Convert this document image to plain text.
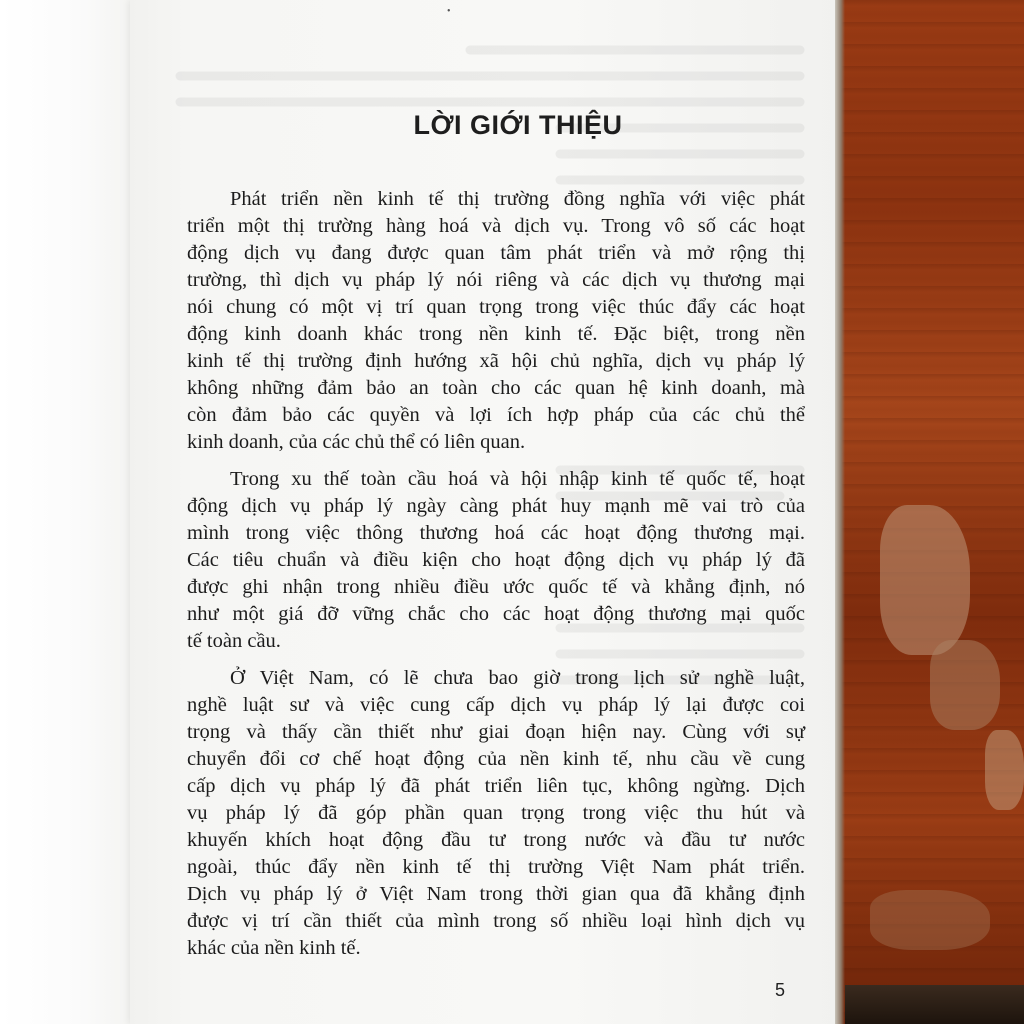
•
LỜI GIỚI THIỆU

Phát triển nền kinh tế thị trường đồng nghĩa với việc phát
triển một thị trường hàng hoá và dịch vụ. Trong vô số các hoạt
động dịch vụ đang được quan tâm phát triển và mở rộng thị
trường, thì dịch vụ pháp lý nói riêng và các dịch vụ thương mại
nói chung có một vị trí quan trọng trong việc thúc đẩy các hoạt
động kinh doanh khác trong nền kinh tế. Đặc biệt, trong nền
kinh tế thị trường định hướng xã hội chủ nghĩa, dịch vụ pháp lý
không những đảm bảo an toàn cho các quan hệ kinh doanh, mà
còn đảm bảo các quyền và lợi ích hợp pháp của các chủ thể
kinh doanh, của các chủ thể có liên quan.

Trong xu thế toàn cầu hoá và hội nhập kinh tế quốc tế, hoạt
động dịch vụ pháp lý ngày càng phát huy mạnh mẽ vai trò của
mình trong việc thông thương hoá các hoạt động thương mại.
Các tiêu chuẩn và điều kiện cho hoạt động dịch vụ pháp lý đã
được ghi nhận trong nhiều điều ước quốc tế và khẳng định, nó
như một giá đỡ vững chắc cho các hoạt động thương mại quốc
tế toàn cầu.

Ở Việt Nam, có lẽ chưa bao giờ trong lịch sử nghề luật,
nghề luật sư và việc cung cấp dịch vụ pháp lý lại được coi
trọng và thấy cần thiết như giai đoạn hiện nay. Cùng với sự
chuyển đổi cơ chế hoạt động của nền kinh tế, nhu cầu về cung
cấp dịch vụ pháp lý đã phát triển liên tục, không ngừng. Dịch
vụ pháp lý đã góp phần quan trọng trong việc thu hút và
khuyến khích hoạt động đầu tư trong nước và đầu tư nước
ngoài, thúc đẩy nền kinh tế thị trường Việt Nam phát triển.
Dịch vụ pháp lý ở Việt Nam trong thời gian qua đã khẳng định
được vị trí cần thiết của mình trong số nhiều loại hình dịch vụ
khác của nền kinh tế.

5
